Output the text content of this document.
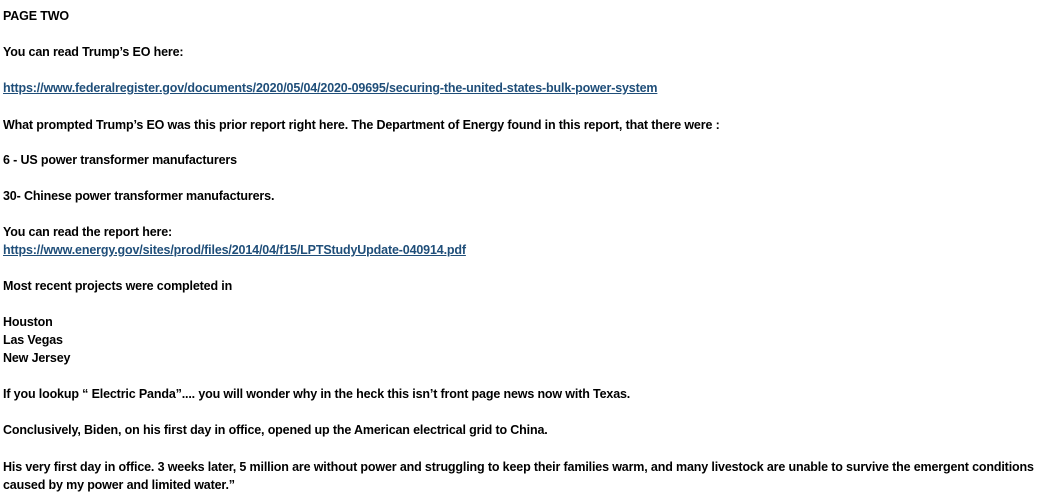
PAGE TWO
You can read Trump’s EO here:
https://www.federalregister.gov/documents/2020/05/04/2020-09695/securing-the-united-states-bulk-power-system
What prompted Trump’s EO was this prior report right here. The Department of Energy found in this report, that there were :
6 - US power transformer manufacturers
30- Chinese power transformer manufacturers.
You can read the report here:
https://www.energy.gov/sites/prod/files/2014/04/f15/LPTStudyUpdate-040914.pdf
Most recent projects were completed in
Houston
Las Vegas
New Jersey
If you lookup “ Electric Panda”.... you will wonder why in the heck this isn’t front page news now with Texas.
Conclusively, Biden, on his first day in office, opened up the American electrical grid to China.
His very first day in office. 3 weeks later, 5 million are without power and struggling to keep their families warm, and many livestock are unable to survive the emergent conditions caused by my power and limited water.”
